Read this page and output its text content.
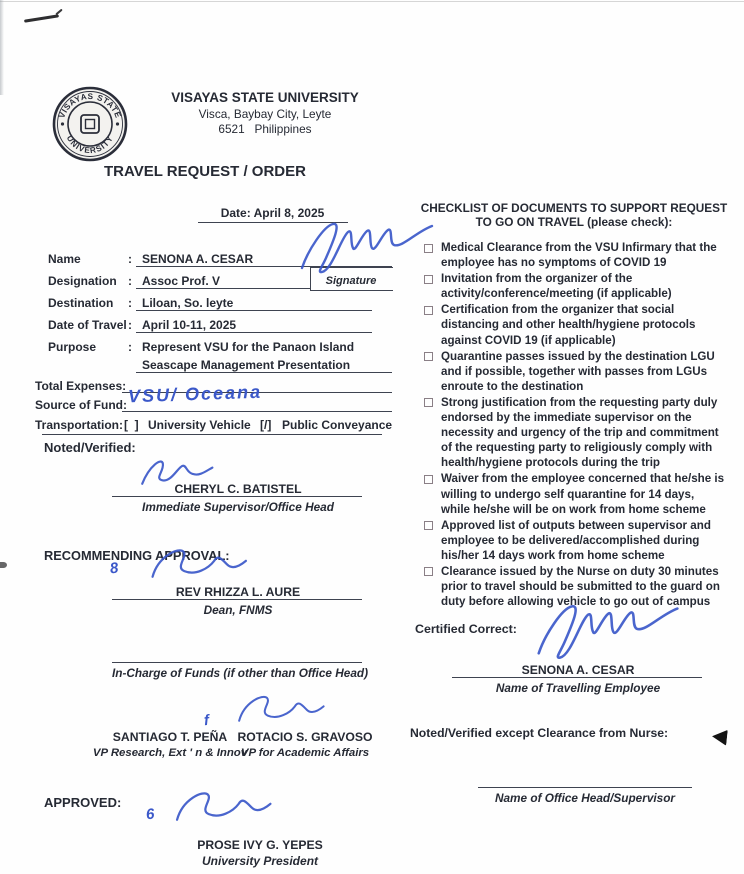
VISAYAS STATE
UNIVERSITY
VISAYAS STATE UNIVERSITY
Visca, Baybay City, Leyte
6521   Philippines
TRAVEL REQUEST / ORDER
Date: April 8, 2025
Name	: SENONA A. CESAR
Designation : Assoc Prof. V	Signature
Destination : Liloan, So. leyte
Date of Travel : April 10-11, 2025
Purpose	: Represent VSU for the Panaon Island
Seascape Management Presentation
Total Expenses:
Source of Fund: VSU/ Oceana
Transportation: [  ] University Vehicle [/] Public Conveyance
Noted/Verified:
CHERYL C. BATISTEL
Immediate Supervisor/Office Head
RECOMMENDING APPROVAL:
8
REV RHIZZA L. AURE
Dean, FNMS
In-Charge of Funds (if other than Office Head)
f
SANTIAGO T. PEÑA
VP Research, Ext ' n & Innov
ROTACIO S. GRAVOSO
VP for Academic Affairs
APPROVED:
6
PROSE IVY G. YEPES
University President
CHECKLIST OF DOCUMENTS TO SUPPORT REQUEST
TO GO ON TRAVEL (please check):
Medical Clearance from the VSU Infirmary that the employee has no symptoms of COVID 19
Invitation from the organizer of the activity/conference/meeting (if applicable)
Certification from the organizer that social distancing and other health/hygiene protocols against COVID 19 (if applicable)
Quarantine passes issued by the destination LGU and if possible, together with passes from LGUs enroute to the destination
Strong justification from the requesting party duly endorsed by the immediate supervisor on the necessity and urgency of the trip and commitment of the requesting party to religiously comply with health/hygiene protocols during the trip
Waiver from the employee concerned that he/she is willing to undergo self quarantine for 14 days, while he/she will be on work from home scheme
Approved list of outputs between supervisor and employee to be delivered/accomplished during his/her 14 days work from home scheme
Clearance issued by the Nurse on duty 30 minutes prior to travel should be submitted to the guard on duty before allowing vehicle to go out of campus
Certified Correct:
SENONA A. CESAR
Name of Travelling Employee
Noted/Verified except Clearance from Nurse:
Name of Office Head/Supervisor
